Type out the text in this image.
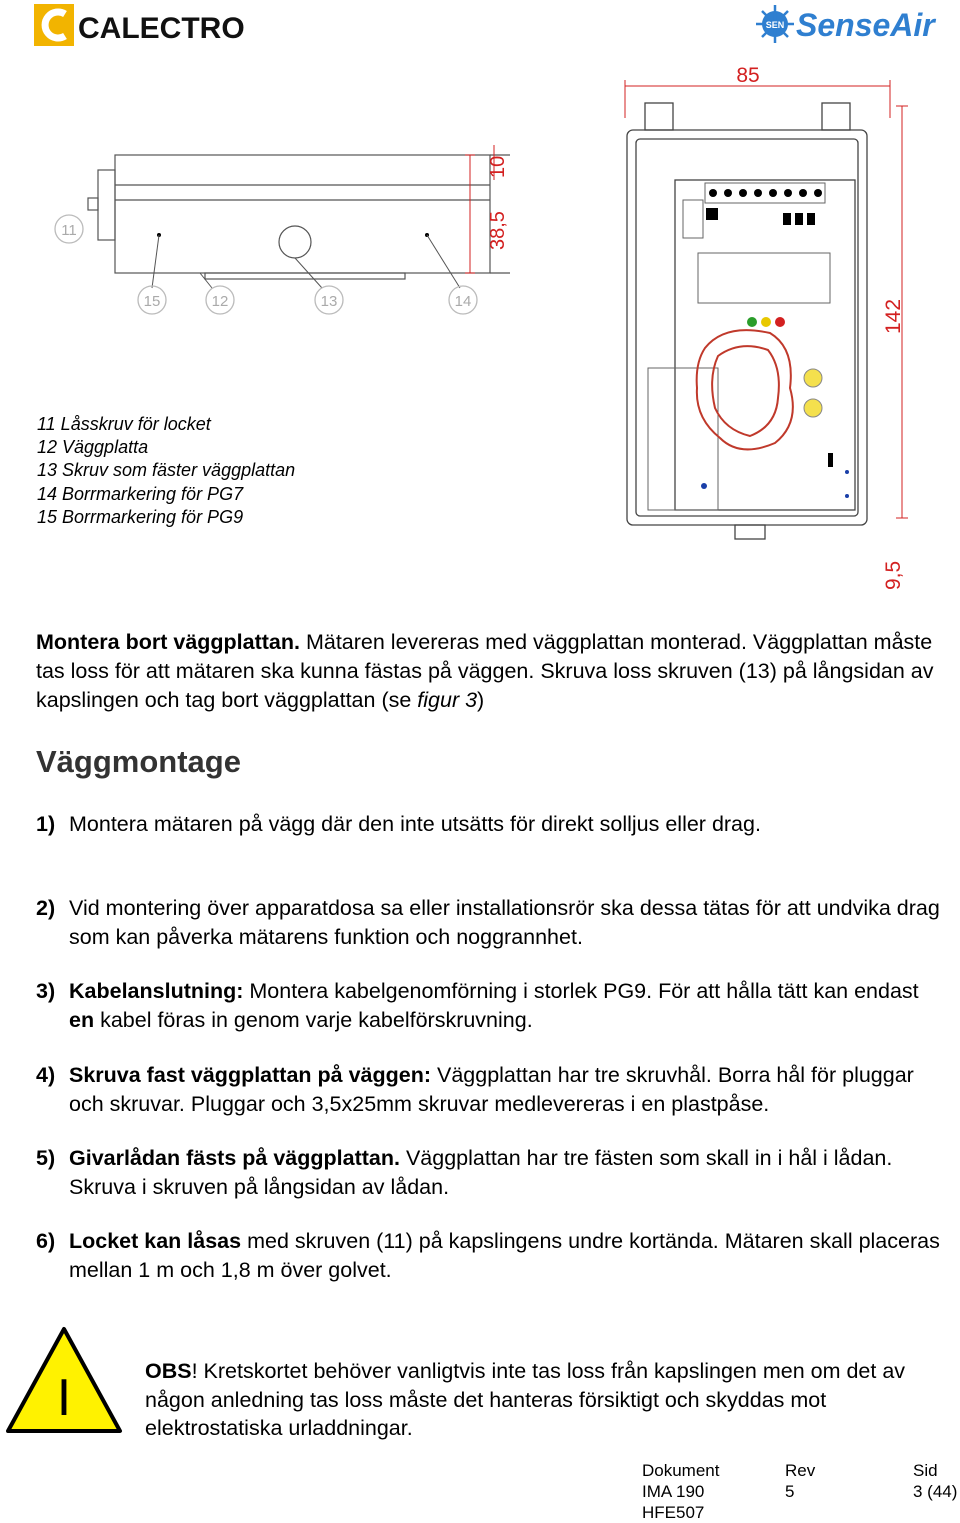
CALECTRO	SEN SenseAir
11
15	12	13	14
38,5
10
85
142
9,5
11 Låsskruv för locket
12 Väggplatta
13 Skruv som fäster väggplattan
14 Borrmarkering för PG7
15 Borrmarkering för PG9
Montera bort väggplattan. Mätaren levereras med väggplattan monterad. Väggplattan måste tas loss för att mätaren ska kunna fästas på väggen. Skruva loss skruven (13) på långsidan av kapslingen och tag bort väggplattan (se figur 3)
Väggmontage
1) Montera mätaren på vägg där den inte utsätts för direkt solljus eller drag.
2) Vid montering över apparatdosa sa eller installationsrör ska dessa tätas för att undvika drag som kan påverka mätarens funktion och noggrannhet.
3) Kabelanslutning: Montera kabelgenomförning i storlek PG9. För att hålla tätt kan endast en kabel föras in genom varje kabelförskruvning.
4) Skruva fast väggplattan på väggen: Väggplattan har tre skruvhål. Borra hål för pluggar och skruvar. Pluggar och 3,5x25mm skruvar medlevereras i en plastpåse.
5) Givarlådan fästs på väggplattan. Väggplattan har tre fästen som skall in i hål i lådan. Skruva i skruven på långsidan av lådan.
6) Locket kan låsas med skruven (11) på kapslingens undre kortända. Mätaren skall placeras mellan 1 m och 1,8 m över golvet.
I	OBS! Kretskortet behöver vanligtvis inte tas loss från kapslingen men om det av någon anledning tas loss måste det hanteras försiktigt och skyddas mot elektrostatiska urladdningar.
Dokument
IMA 190
HFE507
Rev
5
Sid
3 (44)
